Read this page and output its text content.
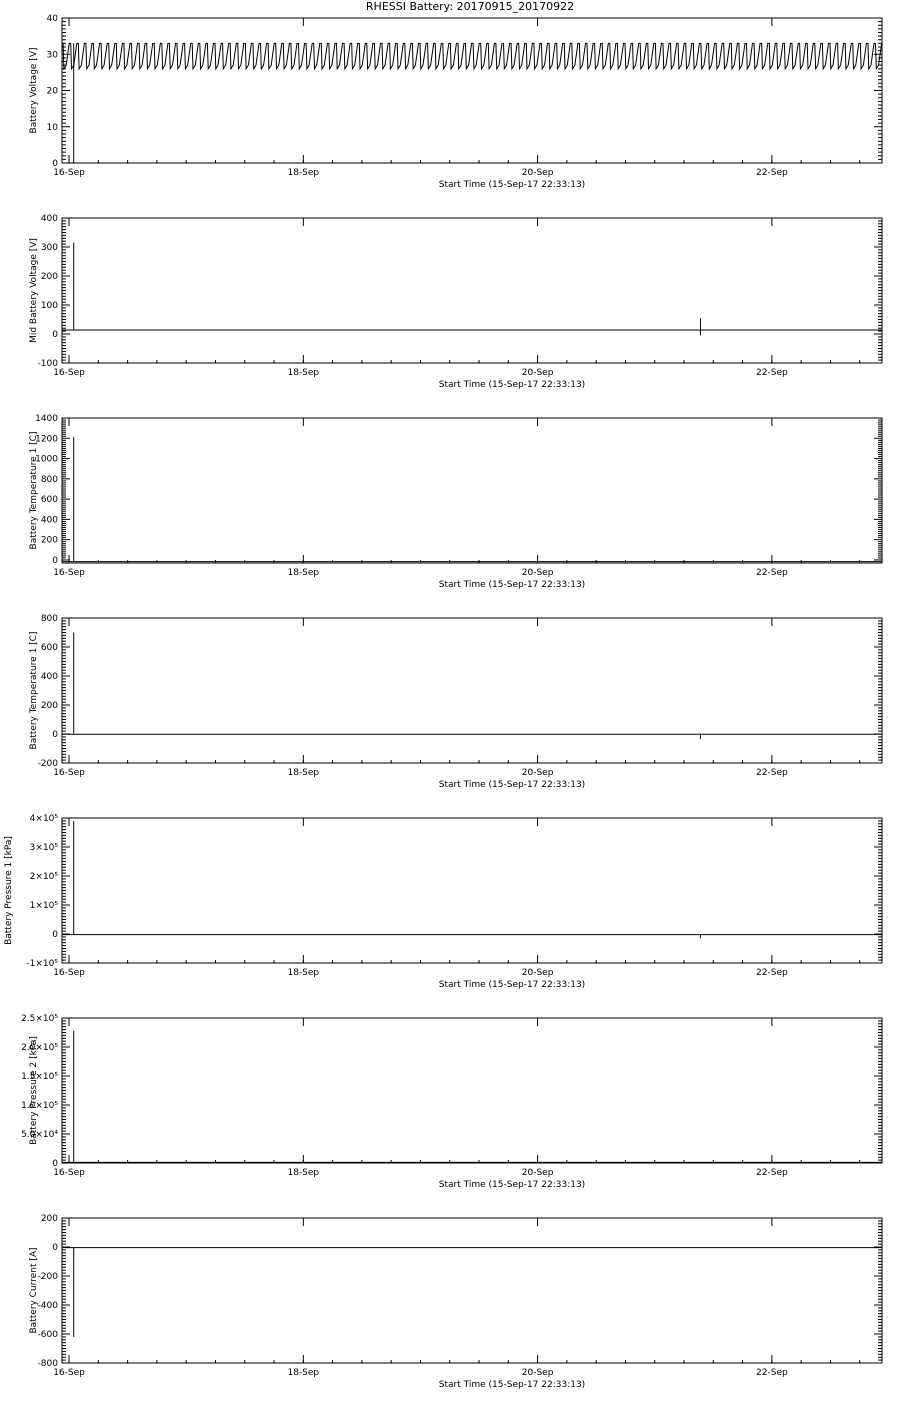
RHESSI Battery: 20170915_20170922
0
10
20
30
40
16-Sep	18-Sep	20-Sep	22-Sep
Start Time (15-Sep-17 22:33:13)
Battery Voltage [V]
-100
0
100
200
300
400
16-Sep	18-Sep	20-Sep	22-Sep
Start Time (15-Sep-17 22:33:13)
Mid Battery Voltage [V]
0
200
400
600
800
1000
1200
1400
16-Sep	18-Sep	20-Sep	22-Sep
Start Time (15-Sep-17 22:33:13)
Battery Temperature 1 [C]
-200
0
200
400
600
800
16-Sep	18-Sep	20-Sep	22-Sep
Start Time (15-Sep-17 22:33:13)
Battery Temperature 1 [C]
-1×10⁵
0
1×10⁵
2×10⁵
3×10⁵
4×10⁵
16-Sep	18-Sep	20-Sep	22-Sep
Start Time (15-Sep-17 22:33:13)
Battery Pressure 1 [kPa]
0
5.0×10⁴
1.0×10⁵
1.5×10⁵
2.0×10⁵
2.5×10⁵
16-Sep	18-Sep	20-Sep	22-Sep
Start Time (15-Sep-17 22:33:13)
Battery Pressure 2 [kPa]
-800
-600
-400
-200
0
200
16-Sep	18-Sep	20-Sep	22-Sep
Start Time (15-Sep-17 22:33:13)
Battery Current [A]
